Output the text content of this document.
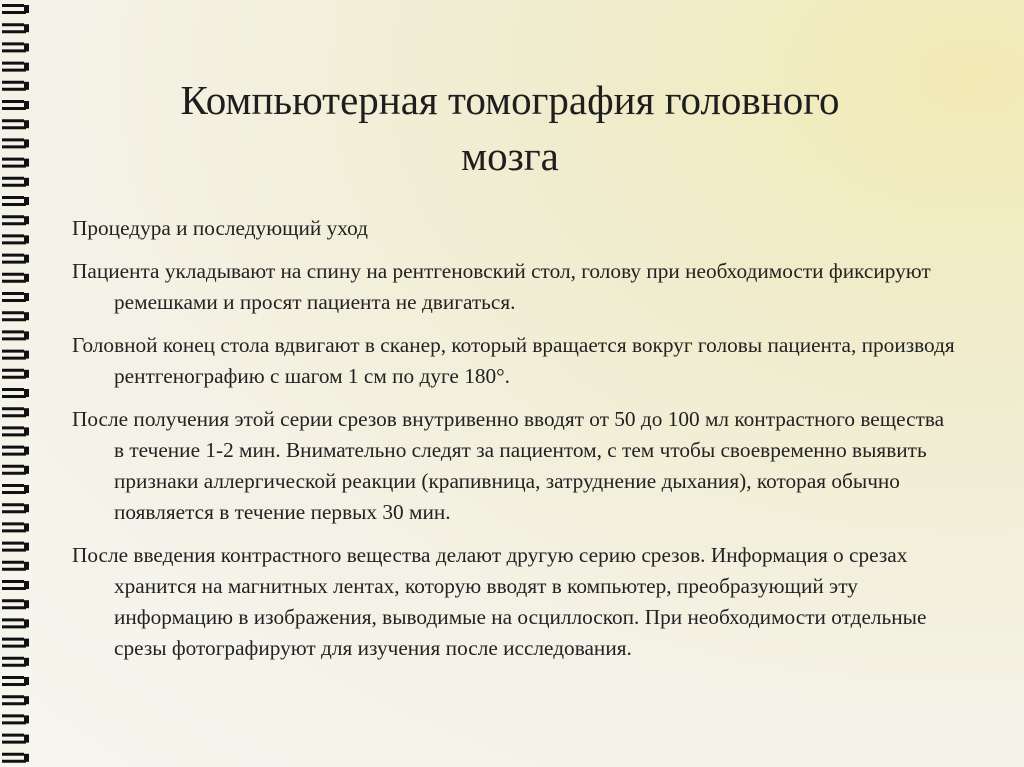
Компьютерная томография головного
мозга

Процедура и последующий уход

Пациента укладывают на спину на рентгеновский стол, голову при необходимости фиксируют ремешками и просят пациента не двигаться.

Головной конец стола вдвигают в сканер, который вращается вокруг головы пациента, производя рентгенографию с шагом 1 см по дуге 180°.

После получения этой серии срезов внутривенно вводят от 50 до 100 мл контрастного вещества в течение 1-2 мин. Внимательно следят за пациентом, с тем чтобы своевременно выявить признаки аллергической реакции (крапивница, затруднение дыхания), которая обычно появляется в течение первых 30 мин.

После введения контрастного вещества делают другую серию срезов. Информация о срезах хранится на магнитных лентах, которую вводят в компьютер, преобразующий эту информацию в изображения, выводимые на осциллоскоп. При необходимости отдельные срезы фотографируют для изучения после исследования.
